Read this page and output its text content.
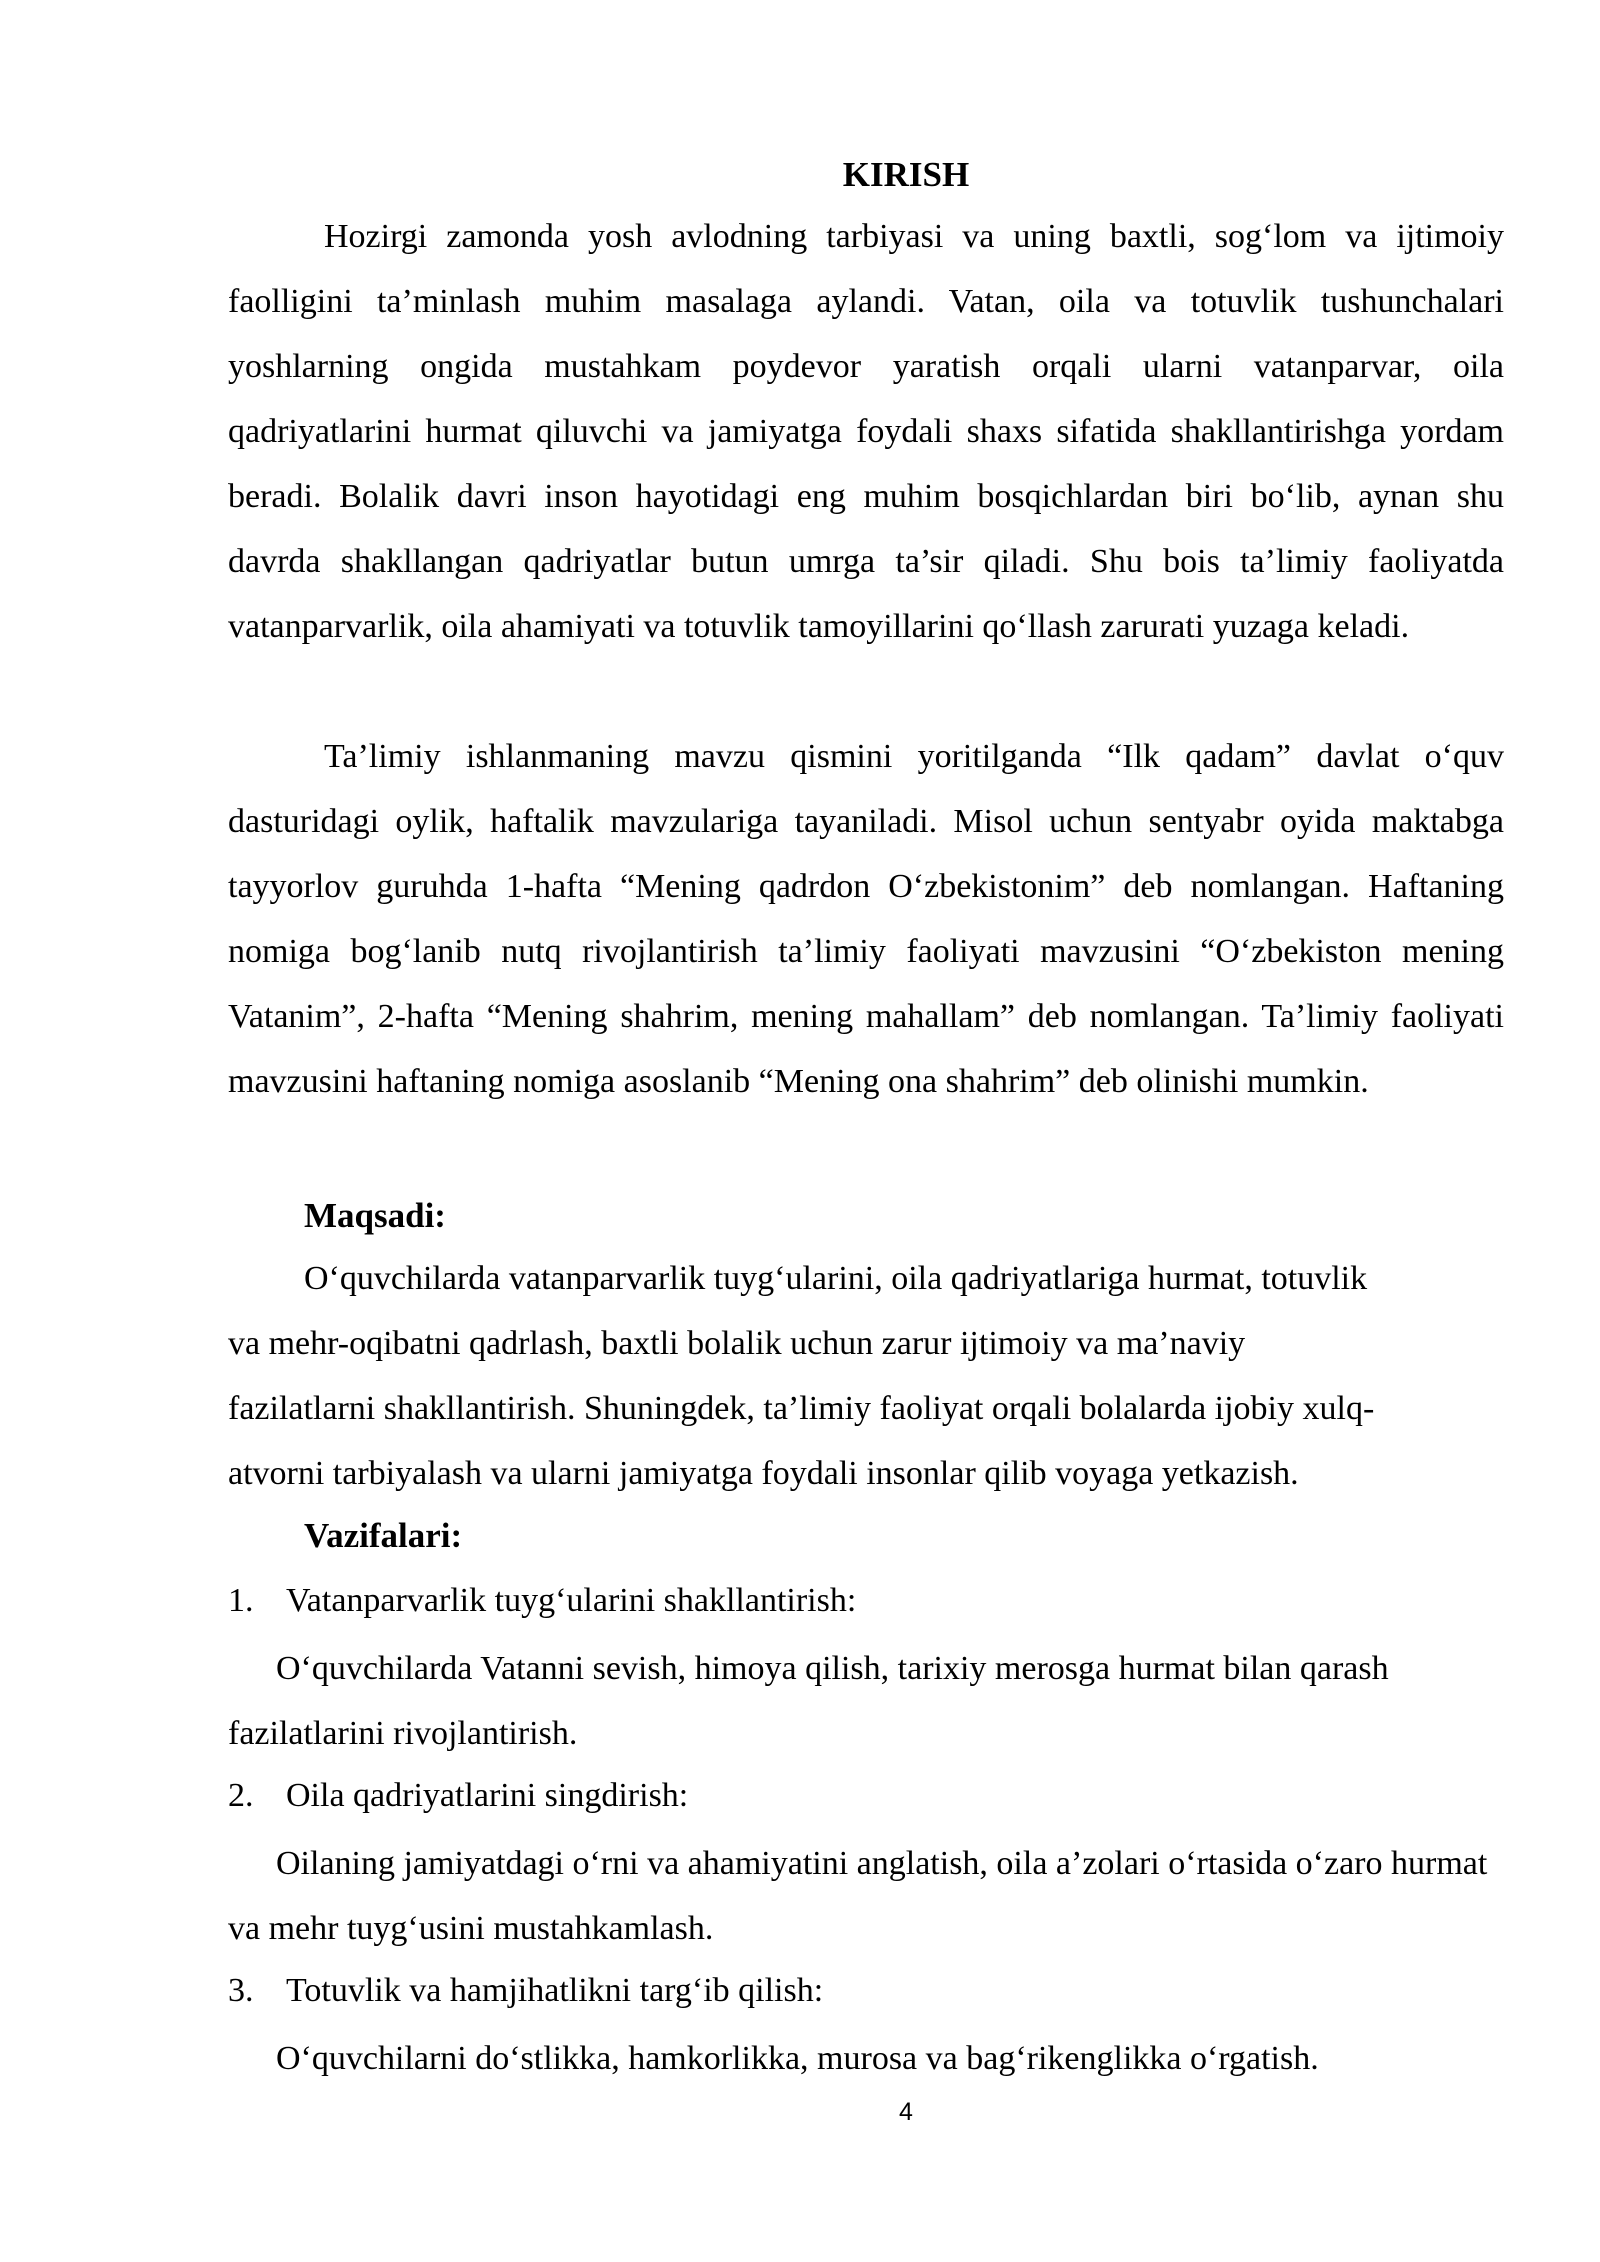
KIRISH

Hozirgi zamonda yosh avlodning tarbiyasi va uning baxtli, sog‘lom va ijtimoiy faolligini ta’minlash muhim masalaga aylandi. Vatan, oila va totuvlik tushunchalari yoshlarning ongida mustahkam poydevor yaratish orqali ularni vatanparvar, oila qadriyatlarini hurmat qiluvchi va jamiyatga foydali shaxs sifatida shakllantirishga yordam beradi. Bolalik davri inson hayotidagi eng muhim bosqichlardan biri bo‘lib, aynan shu davrda shakllangan qadriyatlar butun umrga ta’sir qiladi. Shu bois ta’limiy faoliyatda vatanparvarlik, oila ahamiyati va totuvlik tamoyillarini qo‘llash zarurati yuzaga keladi.

Ta’limiy ishlanmaning mavzu qismini yoritilganda “Ilk qadam” davlat o‘quv dasturidagi oylik, haftalik mavzulariga tayaniladi. Misol uchun sentyabr oyida maktabga tayyorlov guruhda 1-hafta “Mening qadrdon O‘zbekistonim” deb nomlangan. Haftaning nomiga bog‘lanib nutq rivojlantirish ta’limiy faoliyati mavzusini “O‘zbekiston mening Vatanim”, 2-hafta “Mening shahrim, mening mahallam” deb nomlangan. Ta’limiy faoliyati mavzusini haftaning nomiga asoslanib “Mening ona shahrim” deb olinishi mumkin.

Maqsadi:
O‘quvchilarda vatanparvarlik tuyg‘ularini, oila qadriyatlariga hurmat, totuvlik
va mehr-oqibatni qadrlash, baxtli bolalik uchun zarur ijtimoiy va ma’naviy
fazilatlarni shakllantirish. Shuningdek, ta’limiy faoliyat orqali bolalarda ijobiy xulq-
atvorni tarbiyalash va ularni jamiyatga foydali insonlar qilib voyaga yetkazish.
Vazifalari:
1. Vatanparvarlik tuyg‘ularini shakllantirish:

O‘quvchilarda Vatanni sevish, himoya qilish, tarixiy merosga hurmat bilan qarash fazilatlarini rivojlantirish.

2. Oila qadriyatlarini singdirish:

Oilaning jamiyatdagi o‘rni va ahamiyatini anglatish, oila a’zolari o‘rtasida o‘zaro hurmat va mehr tuyg‘usini mustahkamlash.

3. Totuvlik va hamjihatlikni targ‘ib qilish:

O‘quvchilarni do‘stlikka, hamkorlikka, murosa va bag‘rikenglikka o‘rgatish.

4
